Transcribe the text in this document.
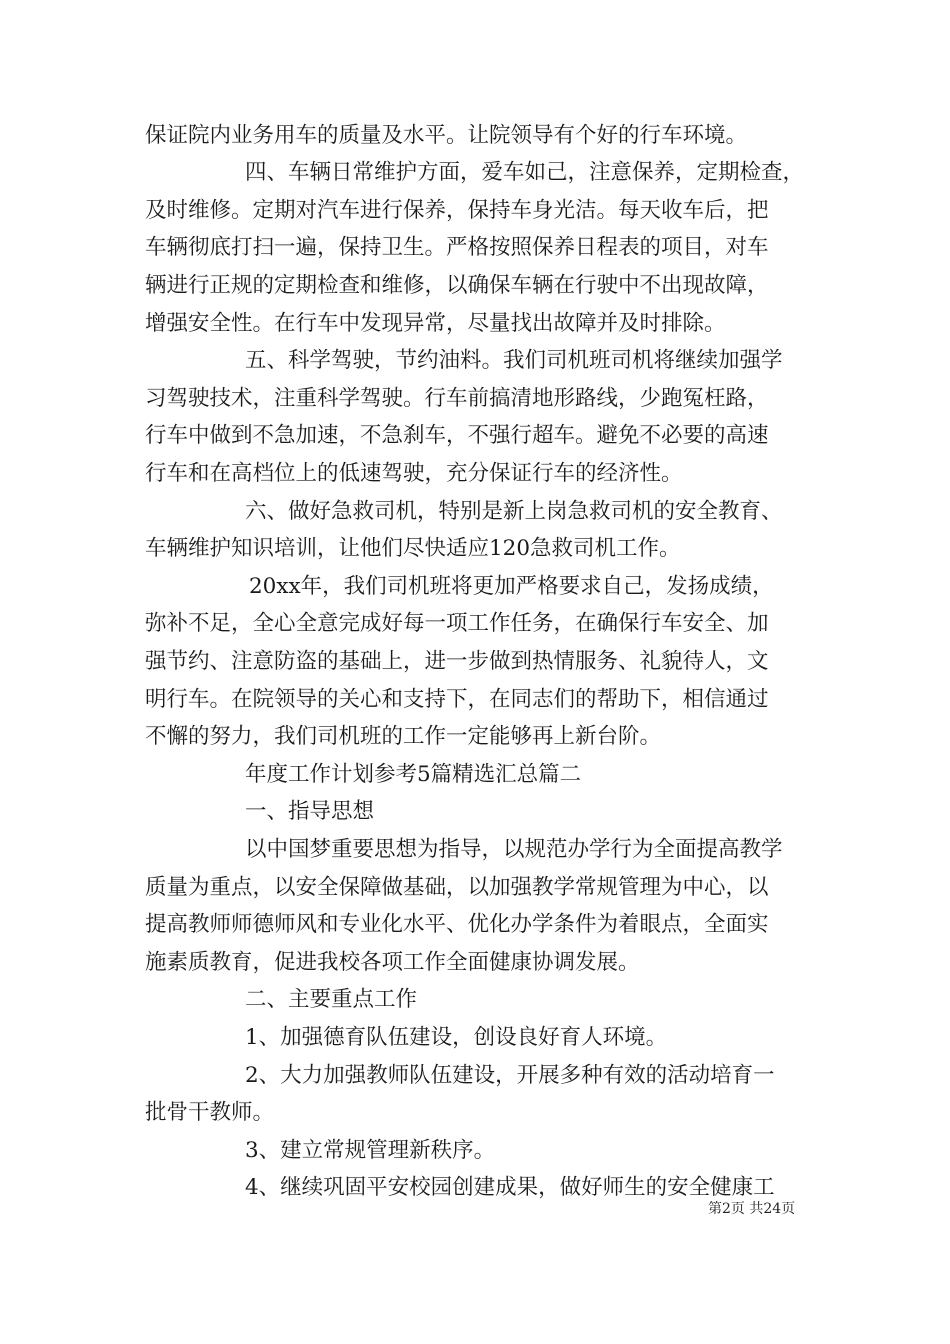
保证院内业务用车的质量及水平。让院领导有个好的行车环境。
四、车辆日常维护方面，爱车如己，注意保养，定期检查，
及时维修。定期对汽车进行保养，保持车身光洁。每天收车后，把
车辆彻底打扫一遍，保持卫生。严格按照保养日程表的项目，对车
辆进行正规的定期检查和维修，以确保车辆在行驶中不出现故障，
增强安全性。在行车中发现异常，尽量找出故障并及时排除。
五、科学驾驶，节约油料。我们司机班司机将继续加强学
习驾驶技术，注重科学驾驶。行车前搞清地形路线，少跑冤枉路，
行车中做到不急加速，不急刹车，不强行超车。避免不必要的高速
行车和在高档位上的低速驾驶，充分保证行车的经济性。
六、做好急救司机，特别是新上岗急救司机的安全教育、
车辆维护知识培训，让他们尽快适应120急救司机工作。
20xx年，我们司机班将更加严格要求自己，发扬成绩，
弥补不足，全心全意完成好每一项工作任务，在确保行车安全、加
强节约、注意防盗的基础上，进一步做到热情服务、礼貌待人，文
明行车。在院领导的关心和支持下，在同志们的帮助下，相信通过
不懈的努力，我们司机班的工作一定能够再上新台阶。
年度工作计划参考5篇精选汇总篇二
一、指导思想
以中国梦重要思想为指导，以规范办学行为全面提高教学
质量为重点，以安全保障做基础，以加强教学常规管理为中心，以
提高教师师德师风和专业化水平、优化办学条件为着眼点，全面实
施素质教育，促进我校各项工作全面健康协调发展。
二、主要重点工作
1、加强德育队伍建设，创设良好育人环境。
2、大力加强教师队伍建设，开展多种有效的活动培育一
批骨干教师。
3、建立常规管理新秩序。
4、继续巩固平安校园创建成果，做好师生的安全健康工
第2页 共24页
